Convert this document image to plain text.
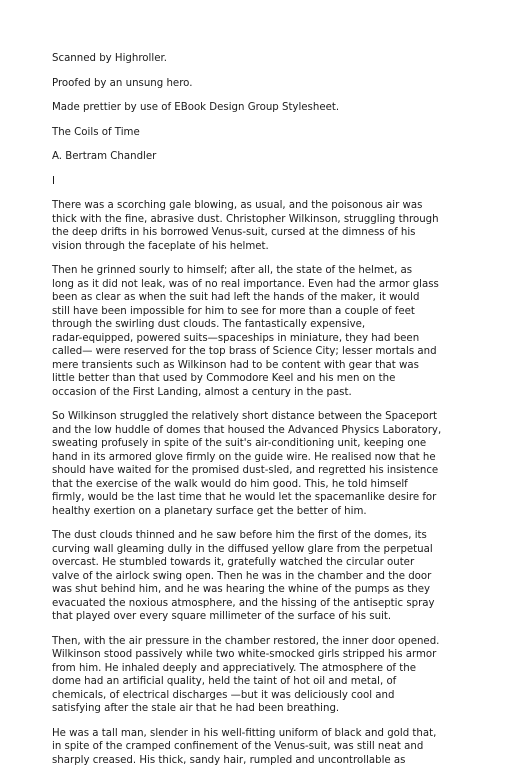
Scanned by Highroller.
Proofed by an unsung hero.
Made prettier by use of EBook Design Group Stylesheet.
The Coils of Time
A. Bertram Chandler
I
There was a scorching gale blowing, as usual, and the poisonous air was
thick with the fine, abrasive dust. Christopher Wilkinson, struggling through
the deep drifts in his borrowed Venus-suit, cursed at the dimness of his
vision through the faceplate of his helmet.
Then he grinned sourly to himself; after all, the state of the helmet, as
long as it did not leak, was of no real importance. Even had the armor glass
been as clear as when the suit had left the hands of the maker, it would
still have been impossible for him to see for more than a couple of feet
through the swirling dust clouds. The fantastically expensive,
radar-equipped, powered suits—spaceships in miniature, they had been
called— were reserved for the top brass of Science City; lesser mortals and
mere transients such as Wilkinson had to be content with gear that was
little better than that used by Commodore Keel and his men on the
occasion of the First Landing, almost a century in the past.
So Wilkinson struggled the relatively short distance between the Spaceport
and the low huddle of domes that housed the Advanced Physics Laboratory,
sweating profusely in spite of the suit's air-conditioning unit, keeping one
hand in its armored glove firmly on the guide wire. He realised now that he
should have waited for the promised dust-sled, and regretted his insistence
that the exercise of the walk would do him good. This, he told himself
firmly, would be the last time that he would let the spacemanlike desire for
healthy exertion on a planetary surface get the better of him.
The dust clouds thinned and he saw before him the first of the domes, its
curving wall gleaming dully in the diffused yellow glare from the perpetual
overcast. He stumbled towards it, gratefully watched the circular outer
valve of the airlock swing open. Then he was in the chamber and the door
was shut behind him, and he was hearing the whine of the pumps as they
evacuated the noxious atmosphere, and the hissing of the antiseptic spray
that played over every square millimeter of the surface of his suit.
Then, with the air pressure in the chamber restored, the inner door opened.
Wilkinson stood passively while two white-smocked girls stripped his armor
from him. He inhaled deeply and appreciatively. The atmosphere of the
dome had an artificial quality, held the taint of hot oil and metal, of
chemicals, of electrical discharges —but it was deliciously cool and
satisfying after the stale air that he had been breathing.
He was a tall man, slender in his well-fitting uniform of black and gold that,
in spite of the cramped confinement of the Venus-suit, was still neat and
sharply creased. His thick, sandy hair, rumpled and uncontrollable as
